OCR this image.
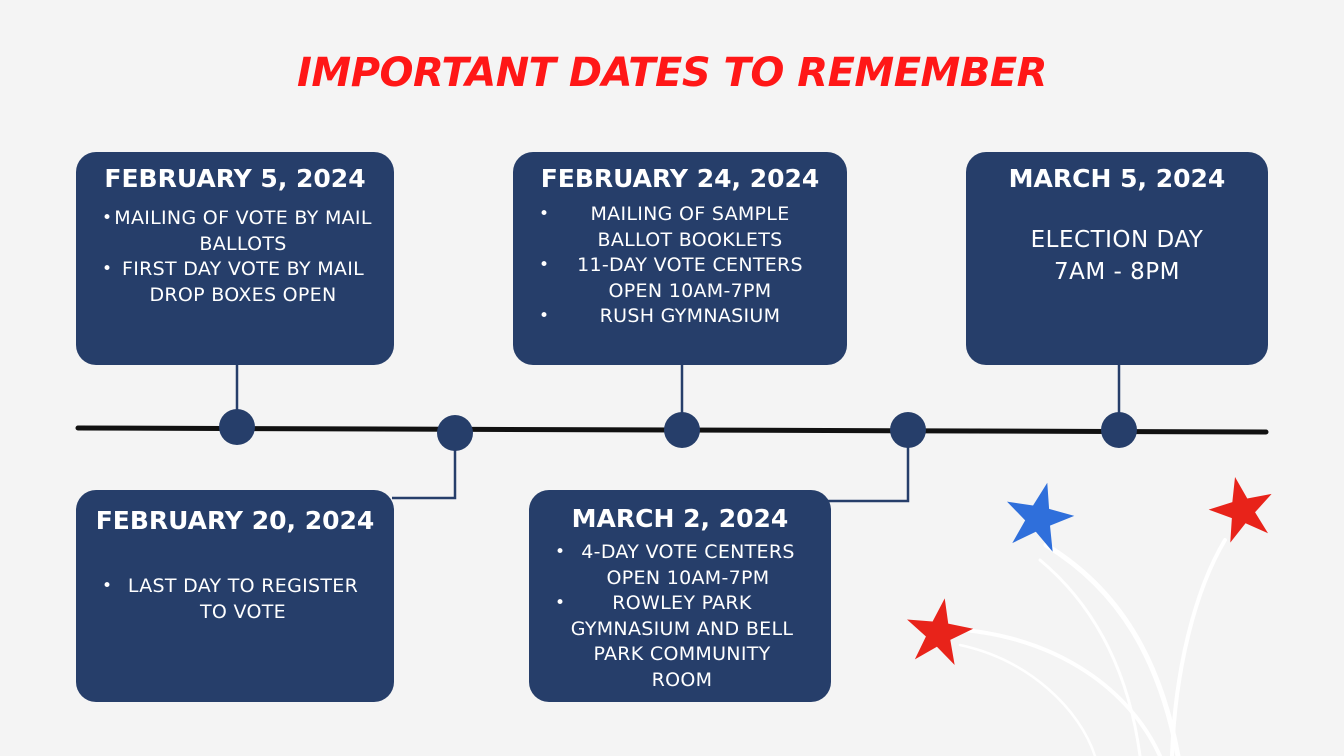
IMPORTANT DATES TO REMEMBER
FEBRUARY 5, 2024
• MAILING OF VOTE BY MAIL BALLOTS
• FIRST DAY VOTE BY MAIL DROP BOXES OPEN
FEBRUARY 20, 2024
• LAST DAY TO REGISTER TO VOTE
FEBRUARY 24, 2024
• MAILING OF SAMPLE BALLOT BOOKLETS
• 11-DAY VOTE CENTERS OPEN 10AM-7PM
• RUSH GYMNASIUM
MARCH 2, 2024
• 4-DAY VOTE CENTERS OPEN 10AM-7PM
• ROWLEY PARK GYMNASIUM AND BELL PARK COMMUNITY ROOM
MARCH 5, 2024
ELECTION DAY
7AM - 8PM
